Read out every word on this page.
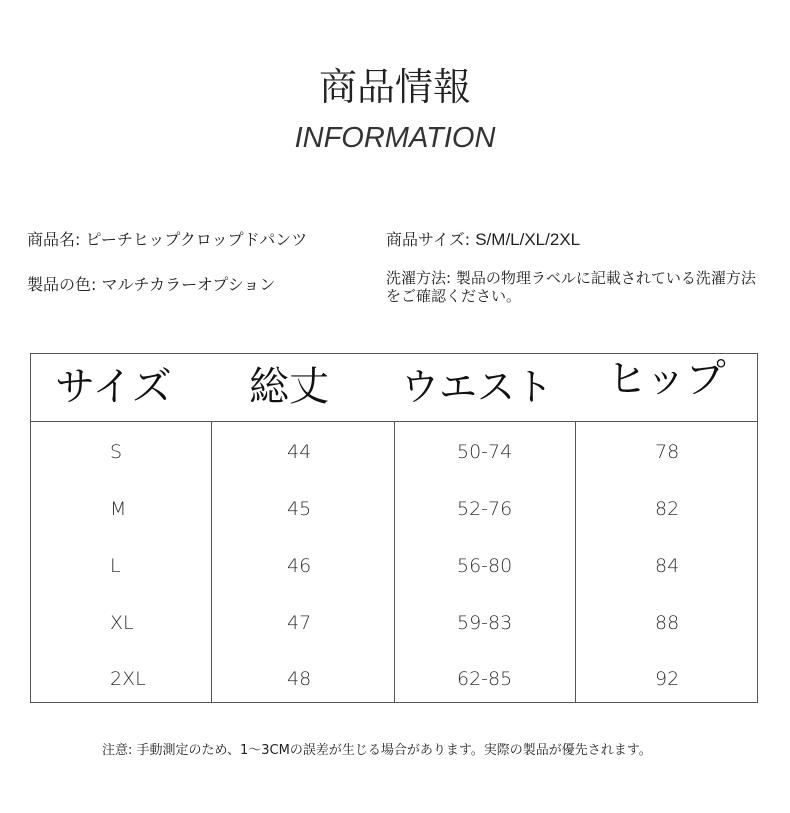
商品情報
INFORMATION
商品名: ピーチヒップクロップドパンツ	商品サイズ: S/M/L/XL/2XL
製品の色: マルチカラーオプション	洗濯方法: 製品の物理ラベルに記載されている洗濯方法をご確認ください。
サイズ 総丈 ウエスト ヒップ
S	44	50-74	78
M	45	52-76	82
L	46	56-80	84
XL	47	59-83	88
2XL	48	62-85	92
注意: 手動測定のため、1～3CMの誤差が生じる場合があります。実際の製品が優先されます。
